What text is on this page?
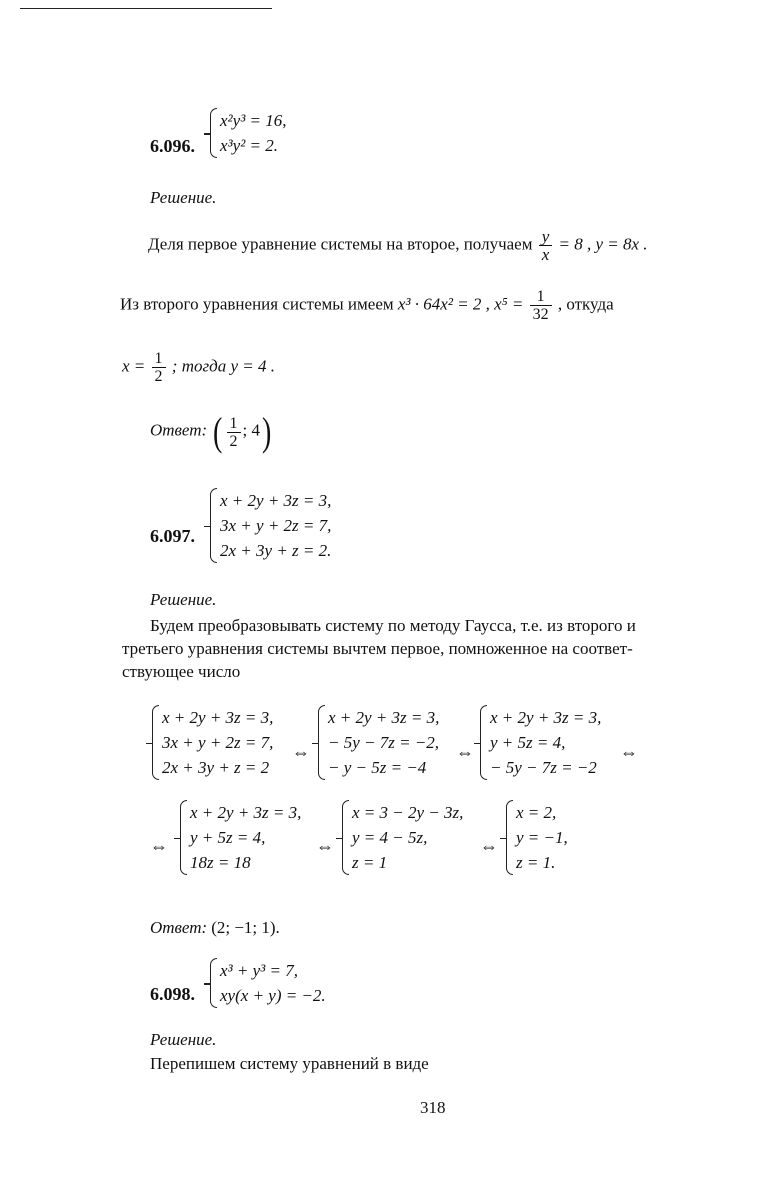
6.096.
x²y³ = 16,
x³y² = 2.
Решение.
Деля первое уравнение системы на второе, получаем $\frac{y}{x} = 8$ , y = 8x .
Из второго уравнения системы имеем x³ · 64x² = 2 , $x^5 = \frac{1}{32}$ , откуда
$x = \frac{1}{2}$ ; тогда y = 4 .
Ответ: ( $\frac{1}{2}$ ; 4)
6.097.
x + 2y + 3z = 3,
3x + y + 2z = 7,
2x + 3y + z = 2.
Решение.
Будем преобразовывать систему по методу Гаусса, т.е. из второго и
третьего уравнения системы вычтем первое, помноженное на соответ-
ствующее число
x + 2y + 3z = 3,
3x + y + 2z = 7,
2x + 3y + z = 2
⇔
x + 2y + 3z = 3,
− 5y − 7z = −2,
− y − 5z = −4
⇔
x + 2y + 3z = 3,
y + 5z = 4,
− 5y − 7z = −2
⇔
⇔
x + 2y + 3z = 3,
y + 5z = 4,
18z = 18
⇔
x = 3 − 2y − 3z,
y = 4 − 5z,
z = 1
⇔
x = 2,
y = −1,
z = 1.
Ответ: (2; −1; 1).
6.098.
x³ + y³ = 7,
xy(x + y) = −2.
Решение.
Перепишем систему уравнений в виде
318
